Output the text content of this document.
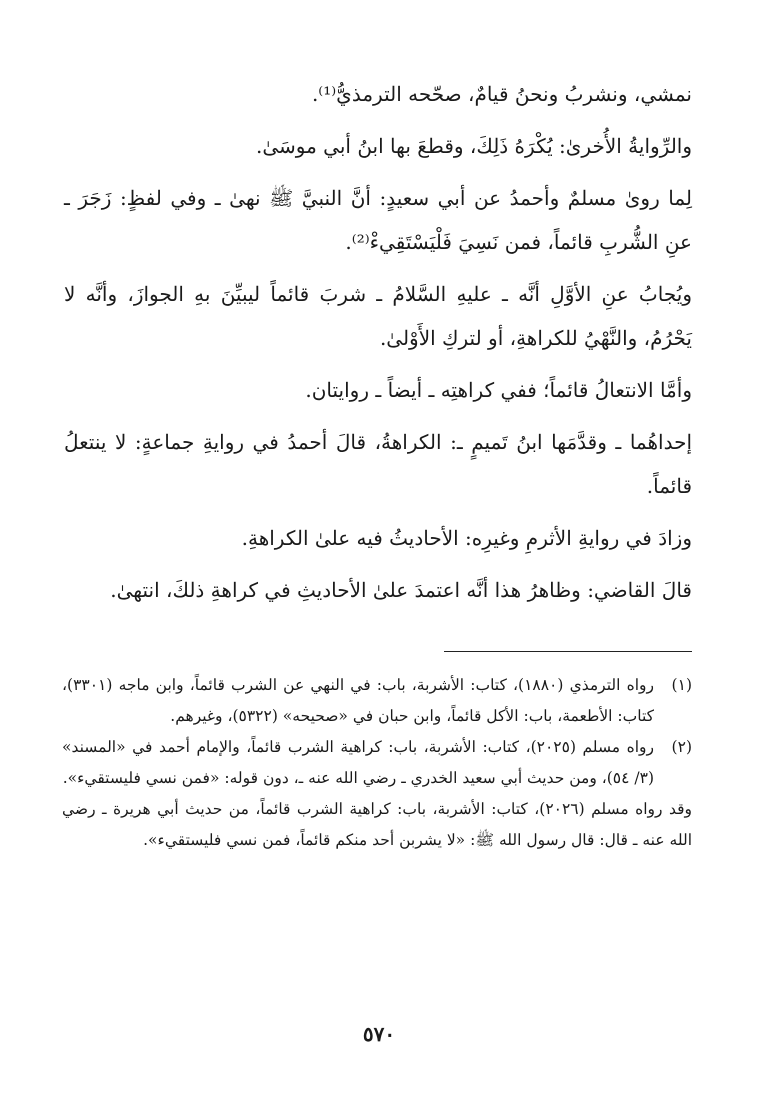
نمشي، ونشربُ ونحنُ قيامٌ، صحّحه الترمذيُّ⁽¹⁾.

والرِّوايةُ الأُخرىٰ: يُكْرَهُ ذَلِكَ، وقطعَ بها ابنُ أبي موسَىٰ.

لِما روىٰ مسلمٌ وأحمدُ عن أبي سعيدٍ: أنَّ النبيَّ ﷺ نهىٰ ـ وفي لفظٍ: زَجَرَ ـ عنِ الشُّربِ قائماً، فمن نَسِيَ فَلْيَسْتَقِيءْ⁽²⁾.

ويُجابُ عنِ الأوَّلِ أنَّه ـ عليهِ السَّلامُ ـ شربَ قائماً ليبيِّنَ بهِ الجوازَ، وأنَّه لا يَحْرُمُ، والنَّهْيُ للكراهةِ، أو لتركِ الأَوْلىٰ.

وأمَّا الانتعالُ قائماً؛ ففي كراهتِه ـ أيضاً ـ روايتان.

إحداهُما ـ وقدَّمَها ابنُ تَميمٍ ـ: الكراهةُ، قالَ أحمدُ في روايةِ جماعةٍ: لا ينتعلُ قائماً.

وزادَ في روايةِ الأثرمِ وغيرِه: الأحاديثُ فيه علىٰ الكراهةِ.

قالَ القاضي: وظاهرُ هذا أنَّه اعتمدَ علىٰ الأحاديثِ في كراهةِ ذلكَ، انتهىٰ.

(١)
رواه الترمذي (١٨٨٠)، كتاب: الأشربة، باب: في النهي عن الشرب قائماً، وابن ماجه (٣٣٠١)، كتاب: الأطعمة، باب: الأكل قائماً، وابن حبان في «صحيحه» (٥٣٢٢)، وغيرهم.
(٢)
رواه مسلم (٢٠٢٥)، كتاب: الأشربة، باب: كراهية الشرب قائماً، والإمام أحمد في «المسند» (٣/ ٥٤)، ومن حديث أبي سعيد الخدري ـ رضي الله عنه ـ، دون قوله: «فمن نسي فليستقيء».

وقد رواه مسلم (٢٠٢٦)، كتاب: الأشربة، باب: كراهية الشرب قائماً، من حديث أبي هريرة ـ رضي الله عنه ـ قال: قال رسول الله ﷺ: «لا يشربن أحد منكم قائماً، فمن نسي فليستقيء».

٥٧٠
